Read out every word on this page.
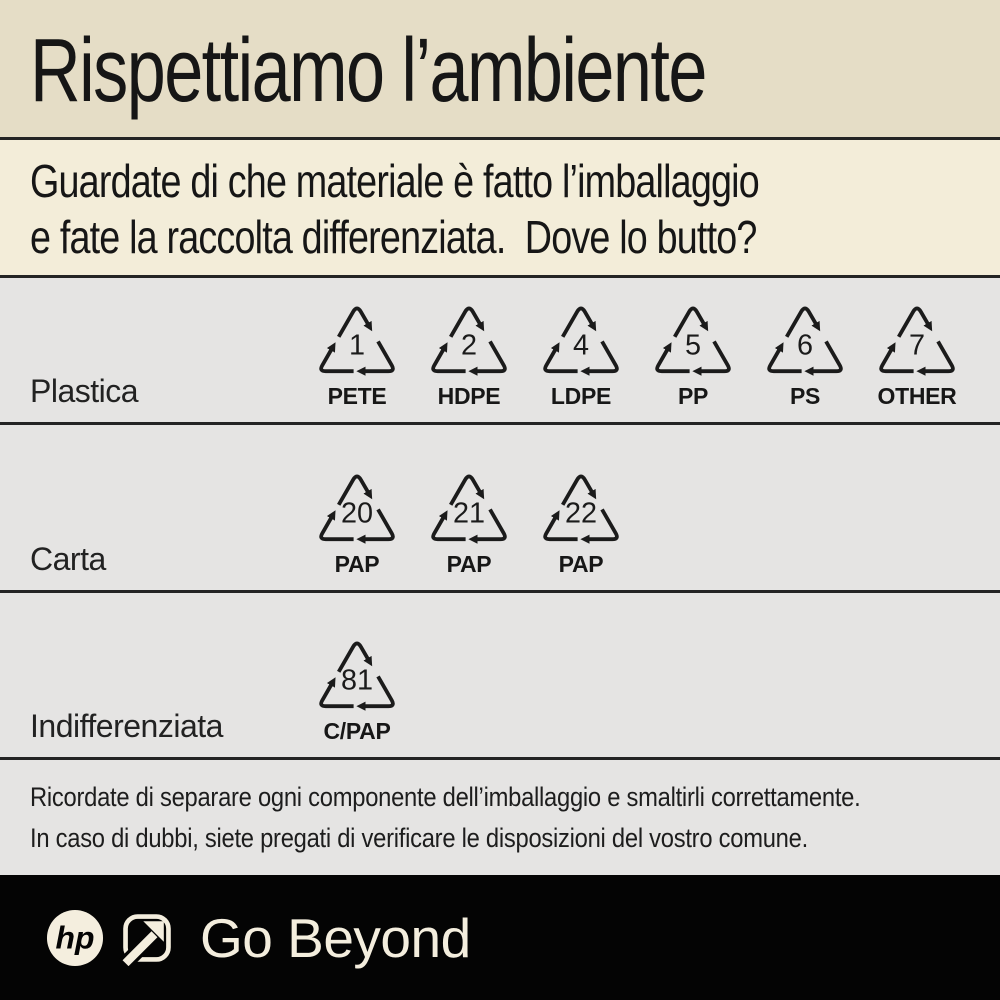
Rispettiamo l’ambiente
Guardate di che materiale è fatto l’imballaggio
e fate la raccolta differenziata.  Dove lo butto?
Plastica
1
PETE
2
HDPE
4
LDPE
5
PP
6
PS
7
OTHER
Carta
20
PAP
21
PAP
22
PAP
Indifferenziata
81
C/PAP
Ricordate di separare ogni componente dell’imballaggio e smaltirli correttamente.
In caso di dubbi, siete pregati di verificare le disposizioni del vostro comune.
hp Go Beyond
